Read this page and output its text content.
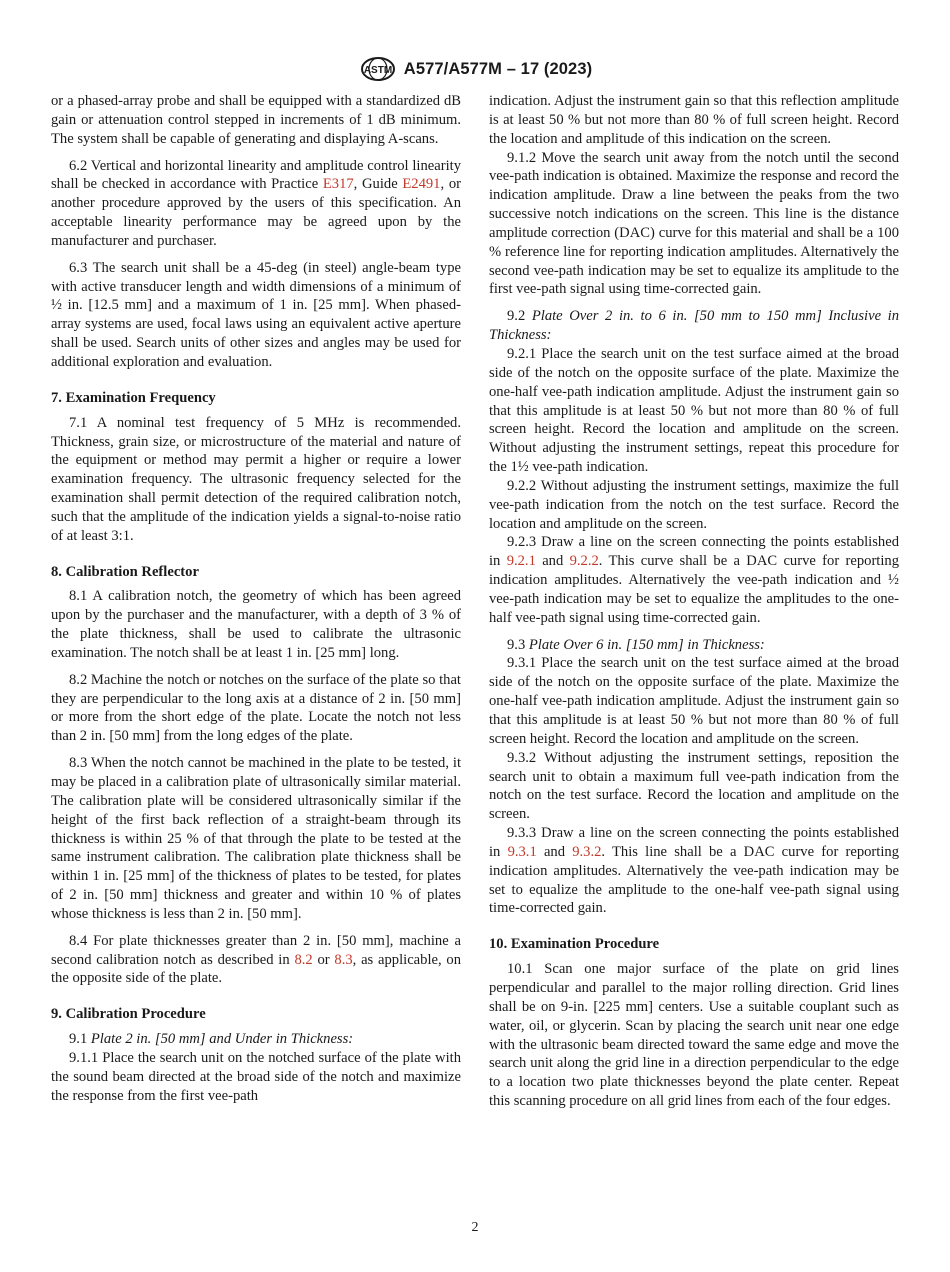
ASTM A577/A577M – 17 (2023)

or a phased-array probe and shall be equipped with a standardized dB gain or attenuation control stepped in increments of 1 dB minimum. The system shall be capable of generating and displaying A-scans.

6.2 Vertical and horizontal linearity and amplitude control linearity shall be checked in accordance with Practice E317, Guide E2491, or another procedure approved by the users of this specification. An acceptable linearity performance may be agreed upon by the manufacturer and purchaser.

6.3 The search unit shall be a 45-deg (in steel) angle-beam type with active transducer length and width dimensions of a minimum of ½ in. [12.5 mm] and a maximum of 1 in. [25 mm]. When phased-array systems are used, focal laws using an equivalent active aperture shall be used. Search units of other sizes and angles may be used for additional exploration and evaluation.

7. Examination Frequency

7.1 A nominal test frequency of 5 MHz is recommended. Thickness, grain size, or microstructure of the material and nature of the equipment or method may permit a higher or require a lower examination frequency. The ultrasonic frequency selected for the examination shall permit detection of the required calibration notch, such that the amplitude of the indication yields a signal-to-noise ratio of at least 3:1.

8. Calibration Reflector

8.1 A calibration notch, the geometry of which has been agreed upon by the purchaser and the manufacturer, with a depth of 3 % of the plate thickness, shall be used to calibrate the ultrasonic examination. The notch shall be at least 1 in. [25 mm] long.

8.2 Machine the notch or notches on the surface of the plate so that they are perpendicular to the long axis at a distance of 2 in. [50 mm] or more from the short edge of the plate. Locate the notch not less than 2 in. [50 mm] from the long edges of the plate.

8.3 When the notch cannot be machined in the plate to be tested, it may be placed in a calibration plate of ultrasonically similar material. The calibration plate will be considered ultrasonically similar if the height of the first back reflection of a straight-beam through its thickness is within 25 % of that through the plate to be tested at the same instrument calibration. The calibration plate thickness shall be within 1 in. [25 mm] of the thickness of plates to be tested, for plates of 2 in. [50 mm] thickness and greater and within 10 % of plates whose thickness is less than 2 in. [50 mm].

8.4 For plate thicknesses greater than 2 in. [50 mm], machine a second calibration notch as described in 8.2 or 8.3, as applicable, on the opposite side of the plate.

9. Calibration Procedure

9.1 Plate 2 in. [50 mm] and Under in Thickness:

9.1.1 Place the search unit on the notched surface of the plate with the sound beam directed at the broad side of the notch and maximize the response from the first vee-path

indication. Adjust the instrument gain so that this reflection amplitude is at least 50 % but not more than 80 % of full screen height. Record the location and amplitude of this indication on the screen.

9.1.2 Move the search unit away from the notch until the second vee-path indication is obtained. Maximize the response and record the indication amplitude. Draw a line between the peaks from the two successive notch indications on the screen. This line is the distance amplitude correction (DAC) curve for this material and shall be a 100 % reference line for reporting indication amplitudes. Alternatively the second vee-path indication may be set to equalize its amplitude to the first vee-path signal using time-corrected gain.

9.2 Plate Over 2 in. to 6 in. [50 mm to 150 mm] Inclusive in Thickness:

9.2.1 Place the search unit on the test surface aimed at the broad side of the notch on the opposite surface of the plate. Maximize the one-half vee-path indication amplitude. Adjust the instrument gain so that this amplitude is at least 50 % but not more than 80 % of full screen height. Record the location and amplitude on the screen. Without adjusting the instrument settings, repeat this procedure for the 1½ vee-path indication.

9.2.2 Without adjusting the instrument settings, maximize the full vee-path indication from the notch on the test surface. Record the location and amplitude on the screen.

9.2.3 Draw a line on the screen connecting the points established in 9.2.1 and 9.2.2. This curve shall be a DAC curve for reporting indication amplitudes. Alternatively the vee-path indication and ½ vee-path indication may be set to equalize the amplitudes to the one-half vee-path signal using time-corrected gain.

9.3 Plate Over 6 in. [150 mm] in Thickness:

9.3.1 Place the search unit on the test surface aimed at the broad side of the notch on the opposite surface of the plate. Maximize the one-half vee-path indication amplitude. Adjust the instrument gain so that this amplitude is at least 50 % but not more than 80 % of full screen height. Record the location and amplitude on the screen.

9.3.2 Without adjusting the instrument settings, reposition the search unit to obtain a maximum full vee-path indication from the notch on the test surface. Record the location and amplitude on the screen.

9.3.3 Draw a line on the screen connecting the points established in 9.3.1 and 9.3.2. This line shall be a DAC curve for reporting indication amplitudes. Alternatively the vee-path indication may be set to equalize the amplitude to the one-half vee-path signal using time-corrected gain.

10. Examination Procedure

10.1 Scan one major surface of the plate on grid lines perpendicular and parallel to the major rolling direction. Grid lines shall be on 9-in. [225 mm] centers. Use a suitable couplant such as water, oil, or glycerin. Scan by placing the search unit near one edge with the ultrasonic beam directed toward the same edge and move the search unit along the grid line in a direction perpendicular to the edge to a location two plate thicknesses beyond the plate center. Repeat this scanning procedure on all grid lines from each of the four edges.

2
